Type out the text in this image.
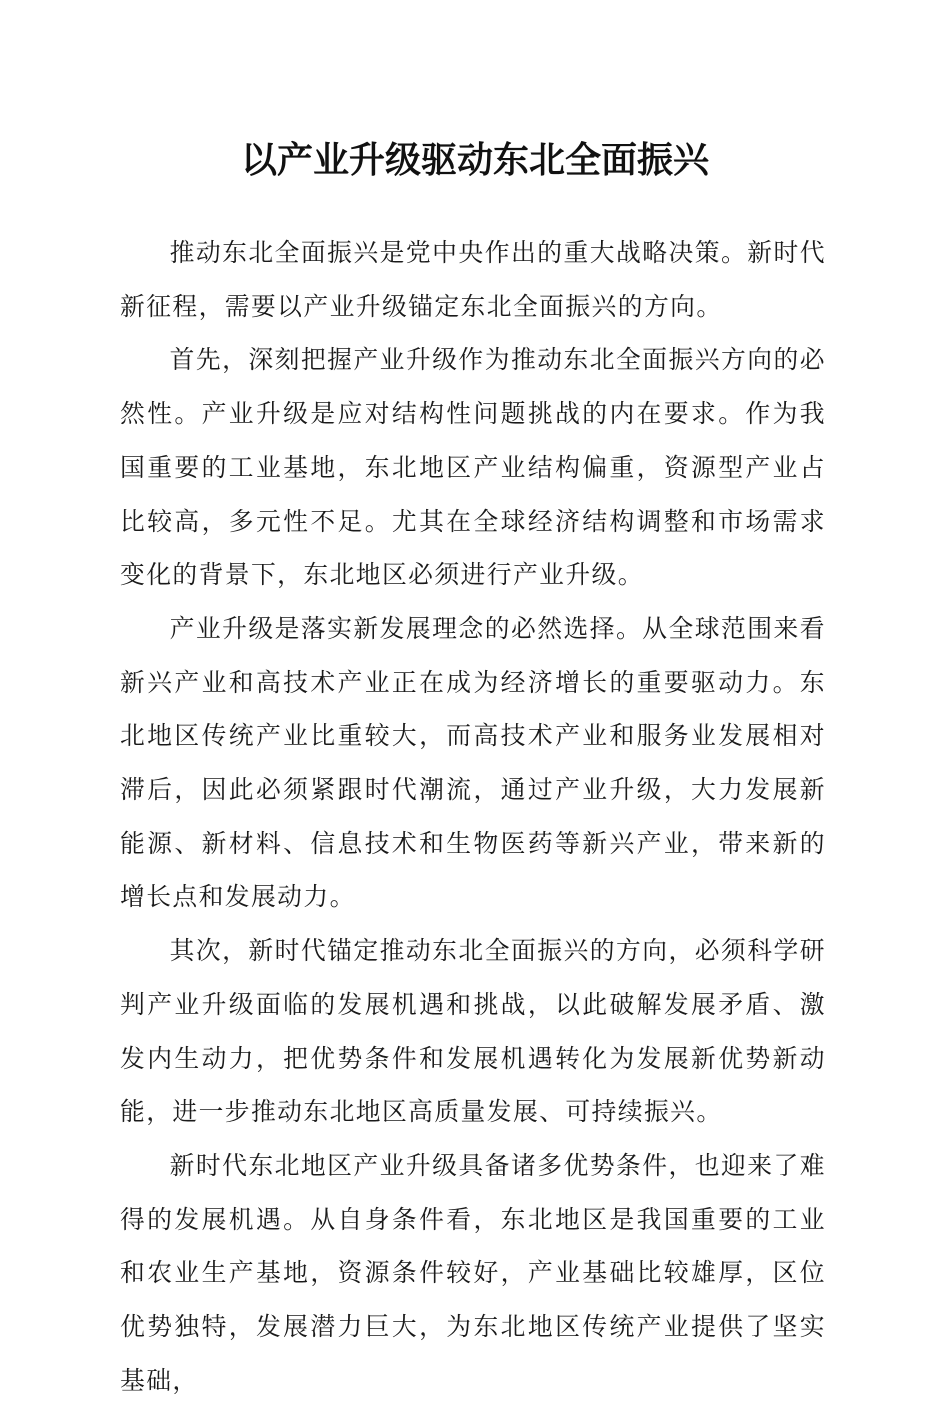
以产业升级驱动东北全面振兴

推动东北全面振兴是党中央作出的重大战略决策。新时代新征程，需要以产业升级锚定东北全面振兴的方向。

首先，深刻把握产业升级作为推动东北全面振兴方向的必然性。产业升级是应对结构性问题挑战的内在要求。作为我国重要的工业基地，东北地区产业结构偏重，资源型产业占比较高，多元性不足。尤其在全球经济结构调整和市场需求变化的背景下，东北地区必须进行产业升级。

产业升级是落实新发展理念的必然选择。从全球范围来看新兴产业和高技术产业正在成为经济增长的重要驱动力。东北地区传统产业比重较大，而高技术产业和服务业发展相对滞后，因此必须紧跟时代潮流，通过产业升级，大力发展新能源、新材料、信息技术和生物医药等新兴产业，带来新的增长点和发展动力。

其次，新时代锚定推动东北全面振兴的方向，必须科学研判产业升级面临的发展机遇和挑战，以此破解发展矛盾、激发内生动力，把优势条件和发展机遇转化为发展新优势新动能，进一步推动东北地区高质量发展、可持续振兴。

新时代东北地区产业升级具备诸多优势条件，也迎来了难得的发展机遇。从自身条件看，东北地区是我国重要的工业和农业生产基地，资源条件较好，产业基础比较雄厚，区位优势独特，发展潜力巨大，为东北地区传统产业提供了坚实基础，
